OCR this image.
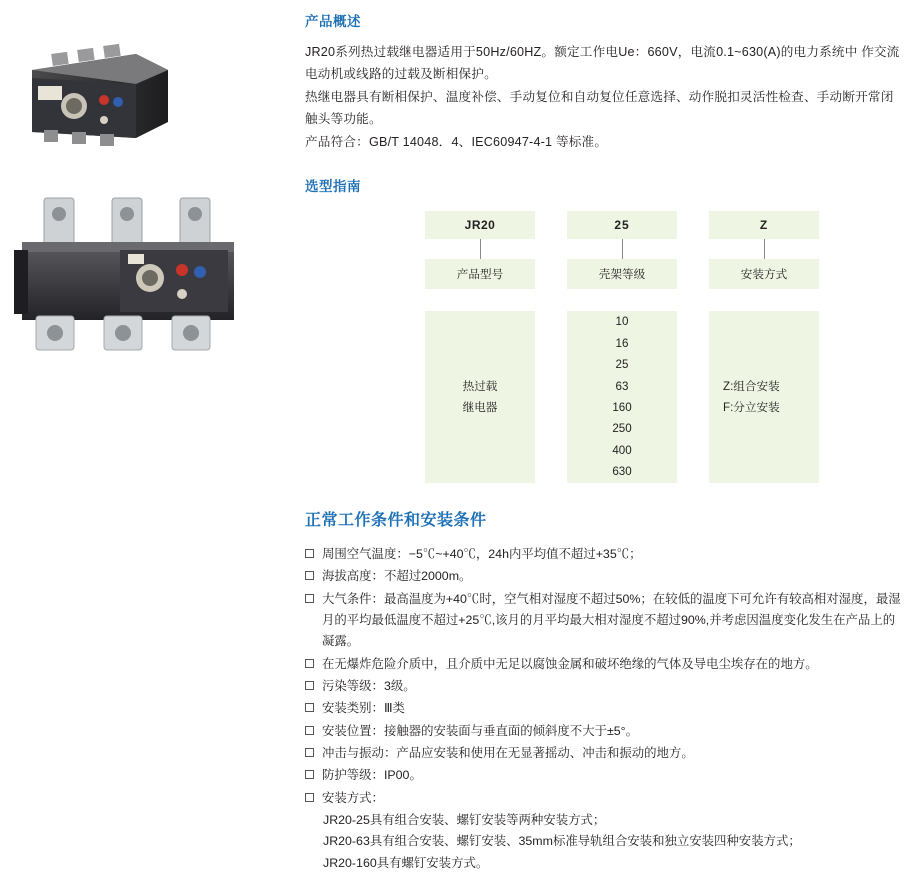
产品概述

JR20系列热过载继电器适用于50Hz/60HZ。额定工作电Ue：660V，电流0.1~630(A)的电力系统中 作交流电动机或线路的过载及断相保护。

热继电器具有断相保护、温度补偿、手动复位和自动复位任意选择、动作脱扣灵活性检查、手动断开常闭触头等功能。

产品符合：GB/T 14048．4、IEC60947-4-1 等标准。

选型指南
JR20
产品型号
热过载
继电器
25
壳架等级
10
16
25
63
160
250
400
630
Z
安装方式
Z:组合安装
F:分立安装
正常工作条件和安装条件
周围空气温度：−5℃~+40℃，24h内平均值不超过+35℃；
海拔高度：不超过2000m。
大气条件：最高温度为+40℃时，空气相对湿度不超过50%；在较低的温度下可允许有较高相对湿度，最湿月的平均最低温度不超过+25℃,该月的月平均最大相对湿度不超过90%,并考虑因温度变化发生在产品上的凝露。
在无爆炸危险介质中，且介质中无足以腐蚀金属和破坏绝缘的气体及导电尘埃存在的地方。
污染等级：3级。
安装类别：Ⅲ类
安装位置：接触器的安装面与垂直面的倾斜度不大于±5°。
冲击与振动：产品应安装和使用在无显著摇动、冲击和振动的地方。
防护等级：IP00。
安装方式：
JR20-25具有组合安装、螺钉安装等两种安装方式；
JR20-63具有组合安装、螺钉安装、35mm标准导轨组合安装和独立安装四种安装方式；
JR20-160具有螺钉安装方式。
